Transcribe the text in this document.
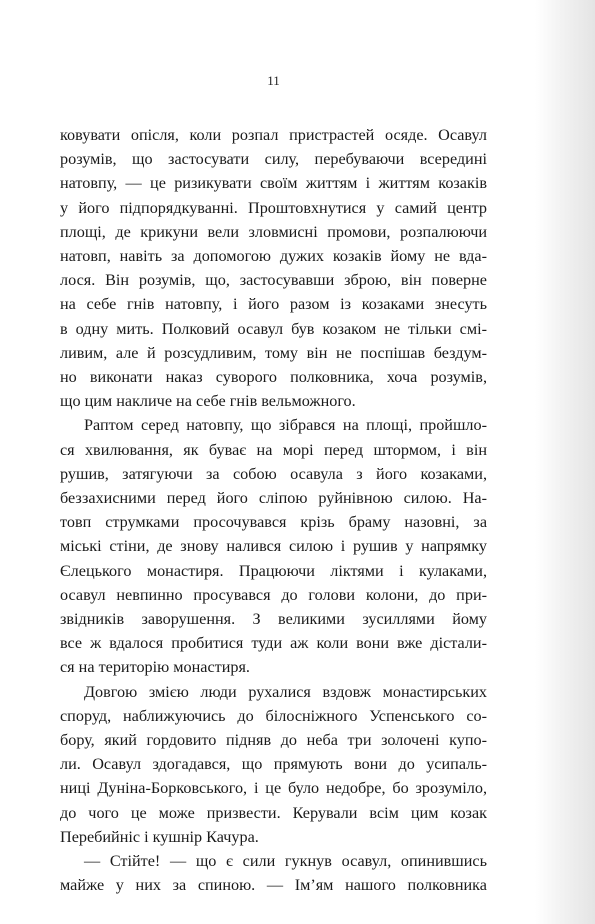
11

ковувати опісля, коли розпал пристрастей осяде. Осавул

розумів, що застосувати силу, перебуваючи всередині

натовпу, — це ризикувати своїм життям і життям козаків

у його підпорядкуванні. Проштовхнутися у самий центр

площі, де крикуни вели зловмисні промови, розпалюючи

натовп, навіть за допомогою дужих козаків йому не вда-

лося. Він розумів, що, застосувавши зброю, він поверне

на себе гнів натовпу, і його разом із козаками знесуть

в одну мить. Полковий осавул був козаком не тільки смі-

ливим, але й розсудливим, тому він не поспішав бездум-

но виконати наказ суворого полковника, хоча розумів,

що цим накличе на себе гнів вельможного.

Раптом серед натовпу, що зібрався на площі, пройшло-

ся хвилювання, як буває на морі перед штормом, і він

рушив, затягуючи за собою осавула з його козаками,

беззахисними перед його сліпою руйнівною силою. На-

товп струмками просочувався крізь браму назовні, за

міські стіни, де знову налився силою і рушив у напрямку

Єлецького монастиря. Працюючи ліктями і кулаками,

осавул невпинно просувався до голови колони, до при-

звідників заворушення. З великими зусиллями йому

все ж вдалося пробитися туди аж коли вони вже дістали-

ся на територію монастиря.

Довгою змією люди рухалися вздовж монастирських

споруд, наближуючись до білосніжного Успенського со-

бору, який гордовито підняв до неба три золочені купо-

ли. Осавул здогадався, що прямують вони до усипаль-

ниці Дуніна-Борковського, і це було недобре, бо зрозуміло,

до чого це може призвести. Керували всім цим козак

Перебийніс і кушнір Качура.

— Стійте! — що є сили гукнув осавул, опинившись

майже у них за спиною. — Ім’ям нашого полковника
